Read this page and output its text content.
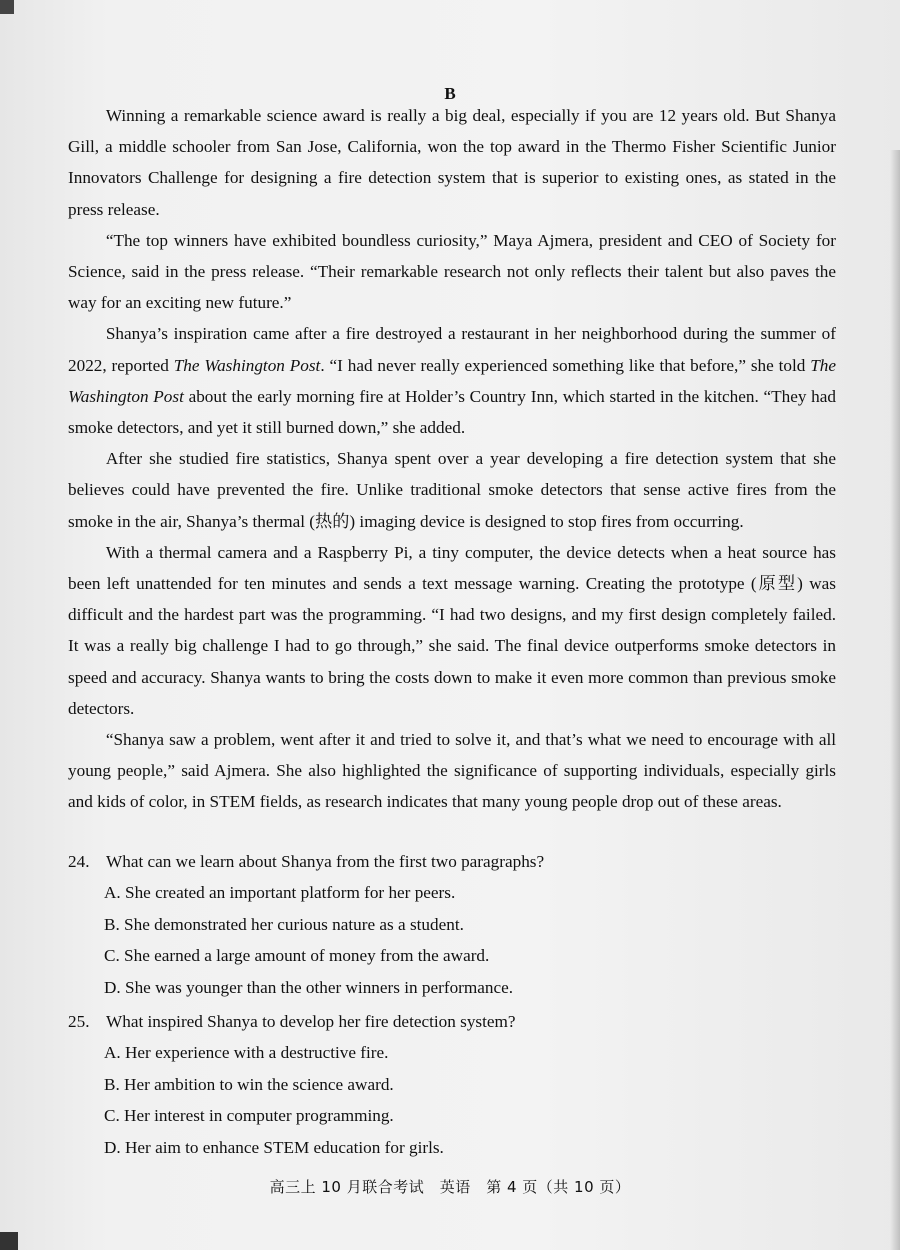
B

Winning a remarkable science award is really a big deal, especially if you are 12 years old. But Shanya Gill, a middle schooler from San Jose, California, won the top award in the Thermo Fisher Scientific Junior Innovators Challenge for designing a fire detection system that is superior to existing ones, as stated in the press release.

“The top winners have exhibited boundless curiosity,” Maya Ajmera, president and CEO of Society for Science, said in the press release. “Their remarkable research not only reflects their talent but also paves the way for an exciting new future.”

Shanya’s inspiration came after a fire destroyed a restaurant in her neighborhood during the summer of 2022, reported The Washington Post. “I had never really experienced something like that before,” she told The Washington Post about the early morning fire at Holder’s Country Inn, which started in the kitchen. “They had smoke detectors, and yet it still burned down,” she added.

After she studied fire statistics, Shanya spent over a year developing a fire detection system that she believes could have prevented the fire. Unlike traditional smoke detectors that sense active fires from the smoke in the air, Shanya’s thermal (热的) imaging device is designed to stop fires from occurring.

With a thermal camera and a Raspberry Pi, a tiny computer, the device detects when a heat source has been left unattended for ten minutes and sends a text message warning. Creating the prototype (原型) was difficult and the hardest part was the programming. “I had two designs, and my first design completely failed. It was a really big challenge I had to go through,” she said. The final device outperforms smoke detectors in speed and accuracy. Shanya wants to bring the costs down to make it even more common than previous smoke detectors.

“Shanya saw a problem, went after it and tried to solve it, and that’s what we need to encourage with all young people,” said Ajmera. She also highlighted the significance of supporting individuals, especially girls and kids of color, in STEM fields, as research indicates that many young people drop out of these areas.

24. What can we learn about Shanya from the first two paragraphs?
A. She created an important platform for her peers.
B. She demonstrated her curious nature as a student.
C. She earned a large amount of money from the award.
D. She was younger than the other winners in performance.
25. What inspired Shanya to develop her fire detection system?
A. Her experience with a destructive fire.
B. Her ambition to win the science award.
C. Her interest in computer programming.
D. Her aim to enhance STEM education for girls.
高三上 10 月联合考试　英语　第 4 页（共 10 页）
